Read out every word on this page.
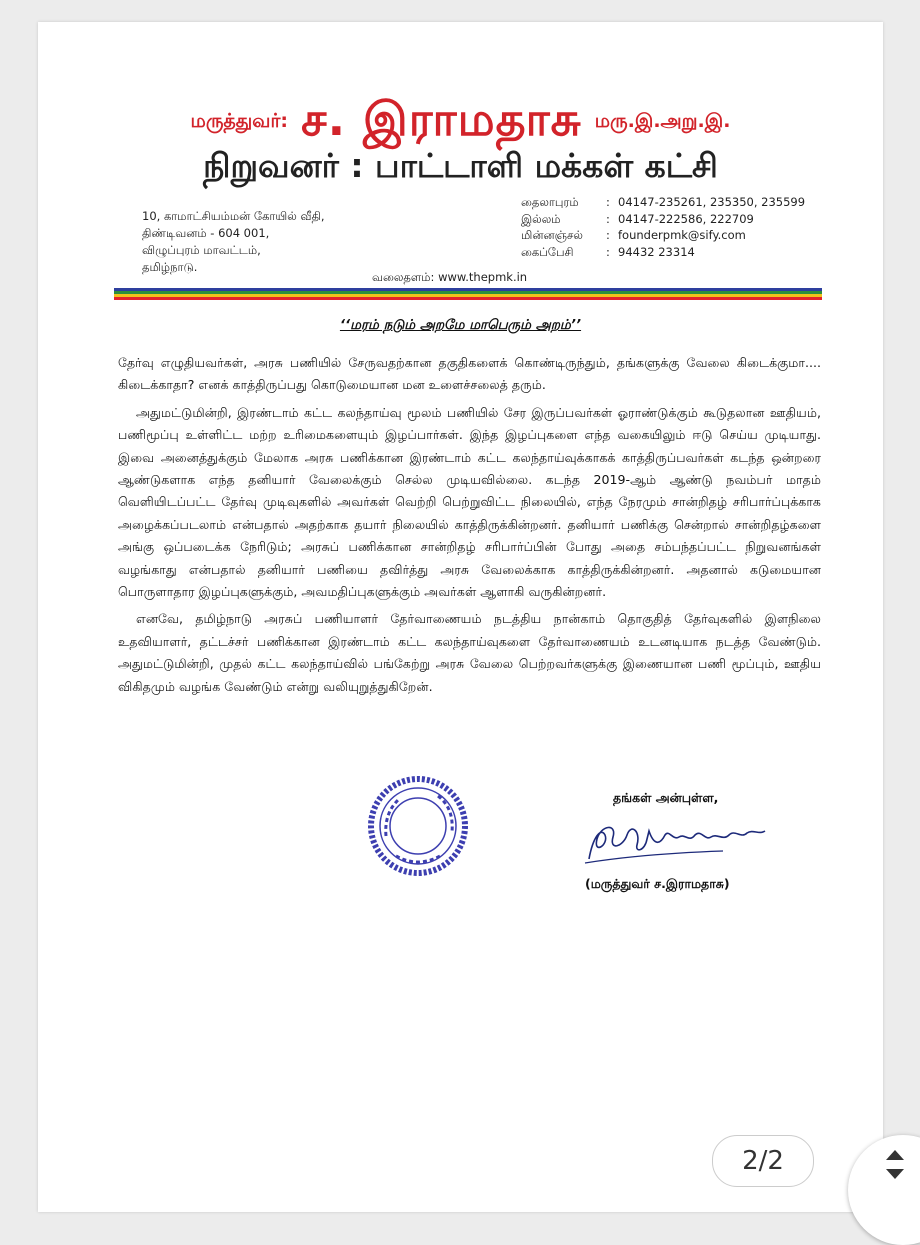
மருத்துவர்: ச. இராமதாசு மரு.இ.அறு.இ.
நிறுவனர் : பாட்டாளி மக்கள் கட்சி
10, காமாட்சியம்மன் கோயில் வீதி,
திண்டிவனம் - 604 001,
விழுப்புரம் மாவட்டம்,
தமிழ்நாடு.
தைலாபுரம்	: 04147-235261, 235350, 235599
இல்லம்	: 04147-222586, 222709
மின்னஞ்சல்	: founderpmk@sify.com
கைப்பேசி	: 94432 23314
வலைதளம்: www.thepmk.in
‘‘மரம் நடும் அறமே மாபெரும் அறம்’’

தேர்வு எழுதியவர்கள், அரசு பணியில் சேருவதற்கான தகுதிகளைக் கொண்டிருந்தும், தங்களுக்கு வேலை கிடைக்குமா.... கிடைக்காதா? எனக் காத்திருப்பது கொடுமையான மன உளைச்சலைத் தரும்.

அதுமட்டுமின்றி, இரண்டாம் கட்ட கலந்தாய்வு மூலம் பணியில் சேர இருப்பவர்கள் ஓராண்டுக்கும் கூடுதலான ஊதியம், பணிமூப்பு உள்ளிட்ட மற்ற உரிமைகளையும் இழப்பார்கள். இந்த இழப்புகளை எந்த வகையிலும் ஈடு செய்ய முடியாது. இவை அனைத்துக்கும் மேலாக அரசு பணிக்கான இரண்டாம் கட்ட கலந்தாய்வுக்காகக் காத்திருப்பவர்கள் கடந்த ஒன்றரை ஆண்டுகளாக எந்த தனியார் வேலைக்கும் செல்ல முடியவில்லை. கடந்த 2019-ஆம் ஆண்டு நவம்பர் மாதம் வெளியிடப்பட்ட தேர்வு முடிவுகளில் அவர்கள் வெற்றி பெற்றுவிட்ட நிலையில், எந்த நேரமும் சான்றிதழ் சரிபார்ப்புக்காக அழைக்கப்படலாம் என்பதால் அதற்காக தயார் நிலையில் காத்திருக்கின்றனர். தனியார் பணிக்கு சென்றால் சான்றிதழ்களை அங்கு ஒப்படைக்க நேரிடும்; அரசுப் பணிக்கான சான்றிதழ் சரிபார்ப்பின் போது அதை சம்பந்தப்பட்ட நிறுவனங்கள் வழங்காது என்பதால் தனியார் பணியை தவிர்த்து அரசு வேலைக்காக காத்திருக்கின்றனர். அதனால் கடுமையான பொருளாதார இழப்புகளுக்கும், அவமதிப்புகளுக்கும் அவர்கள் ஆளாகி வருகின்றனர்.

எனவே, தமிழ்நாடு அரசுப் பணியாளர் தேர்வாணையம் நடத்திய நான்காம் தொகுதித் தேர்வுகளில் இளநிலை உதவியாளர், தட்டச்சர் பணிக்கான இரண்டாம் கட்ட கலந்தாய்வுகளை தேர்வாணையம் உடனடியாக நடத்த வேண்டும். அதுமட்டுமின்றி, முதல் கட்ட கலந்தாய்வில் பங்கேற்று அரசு வேலை பெற்றவர்களுக்கு இணையான பணி மூப்பும், ஊதிய விகிதமும் வழங்க வேண்டும் என்று வலியுறுத்துகிறேன்.

தங்கள் அன்புள்ள,
(மருத்துவர் ச.இராமதாசு)
2/2
